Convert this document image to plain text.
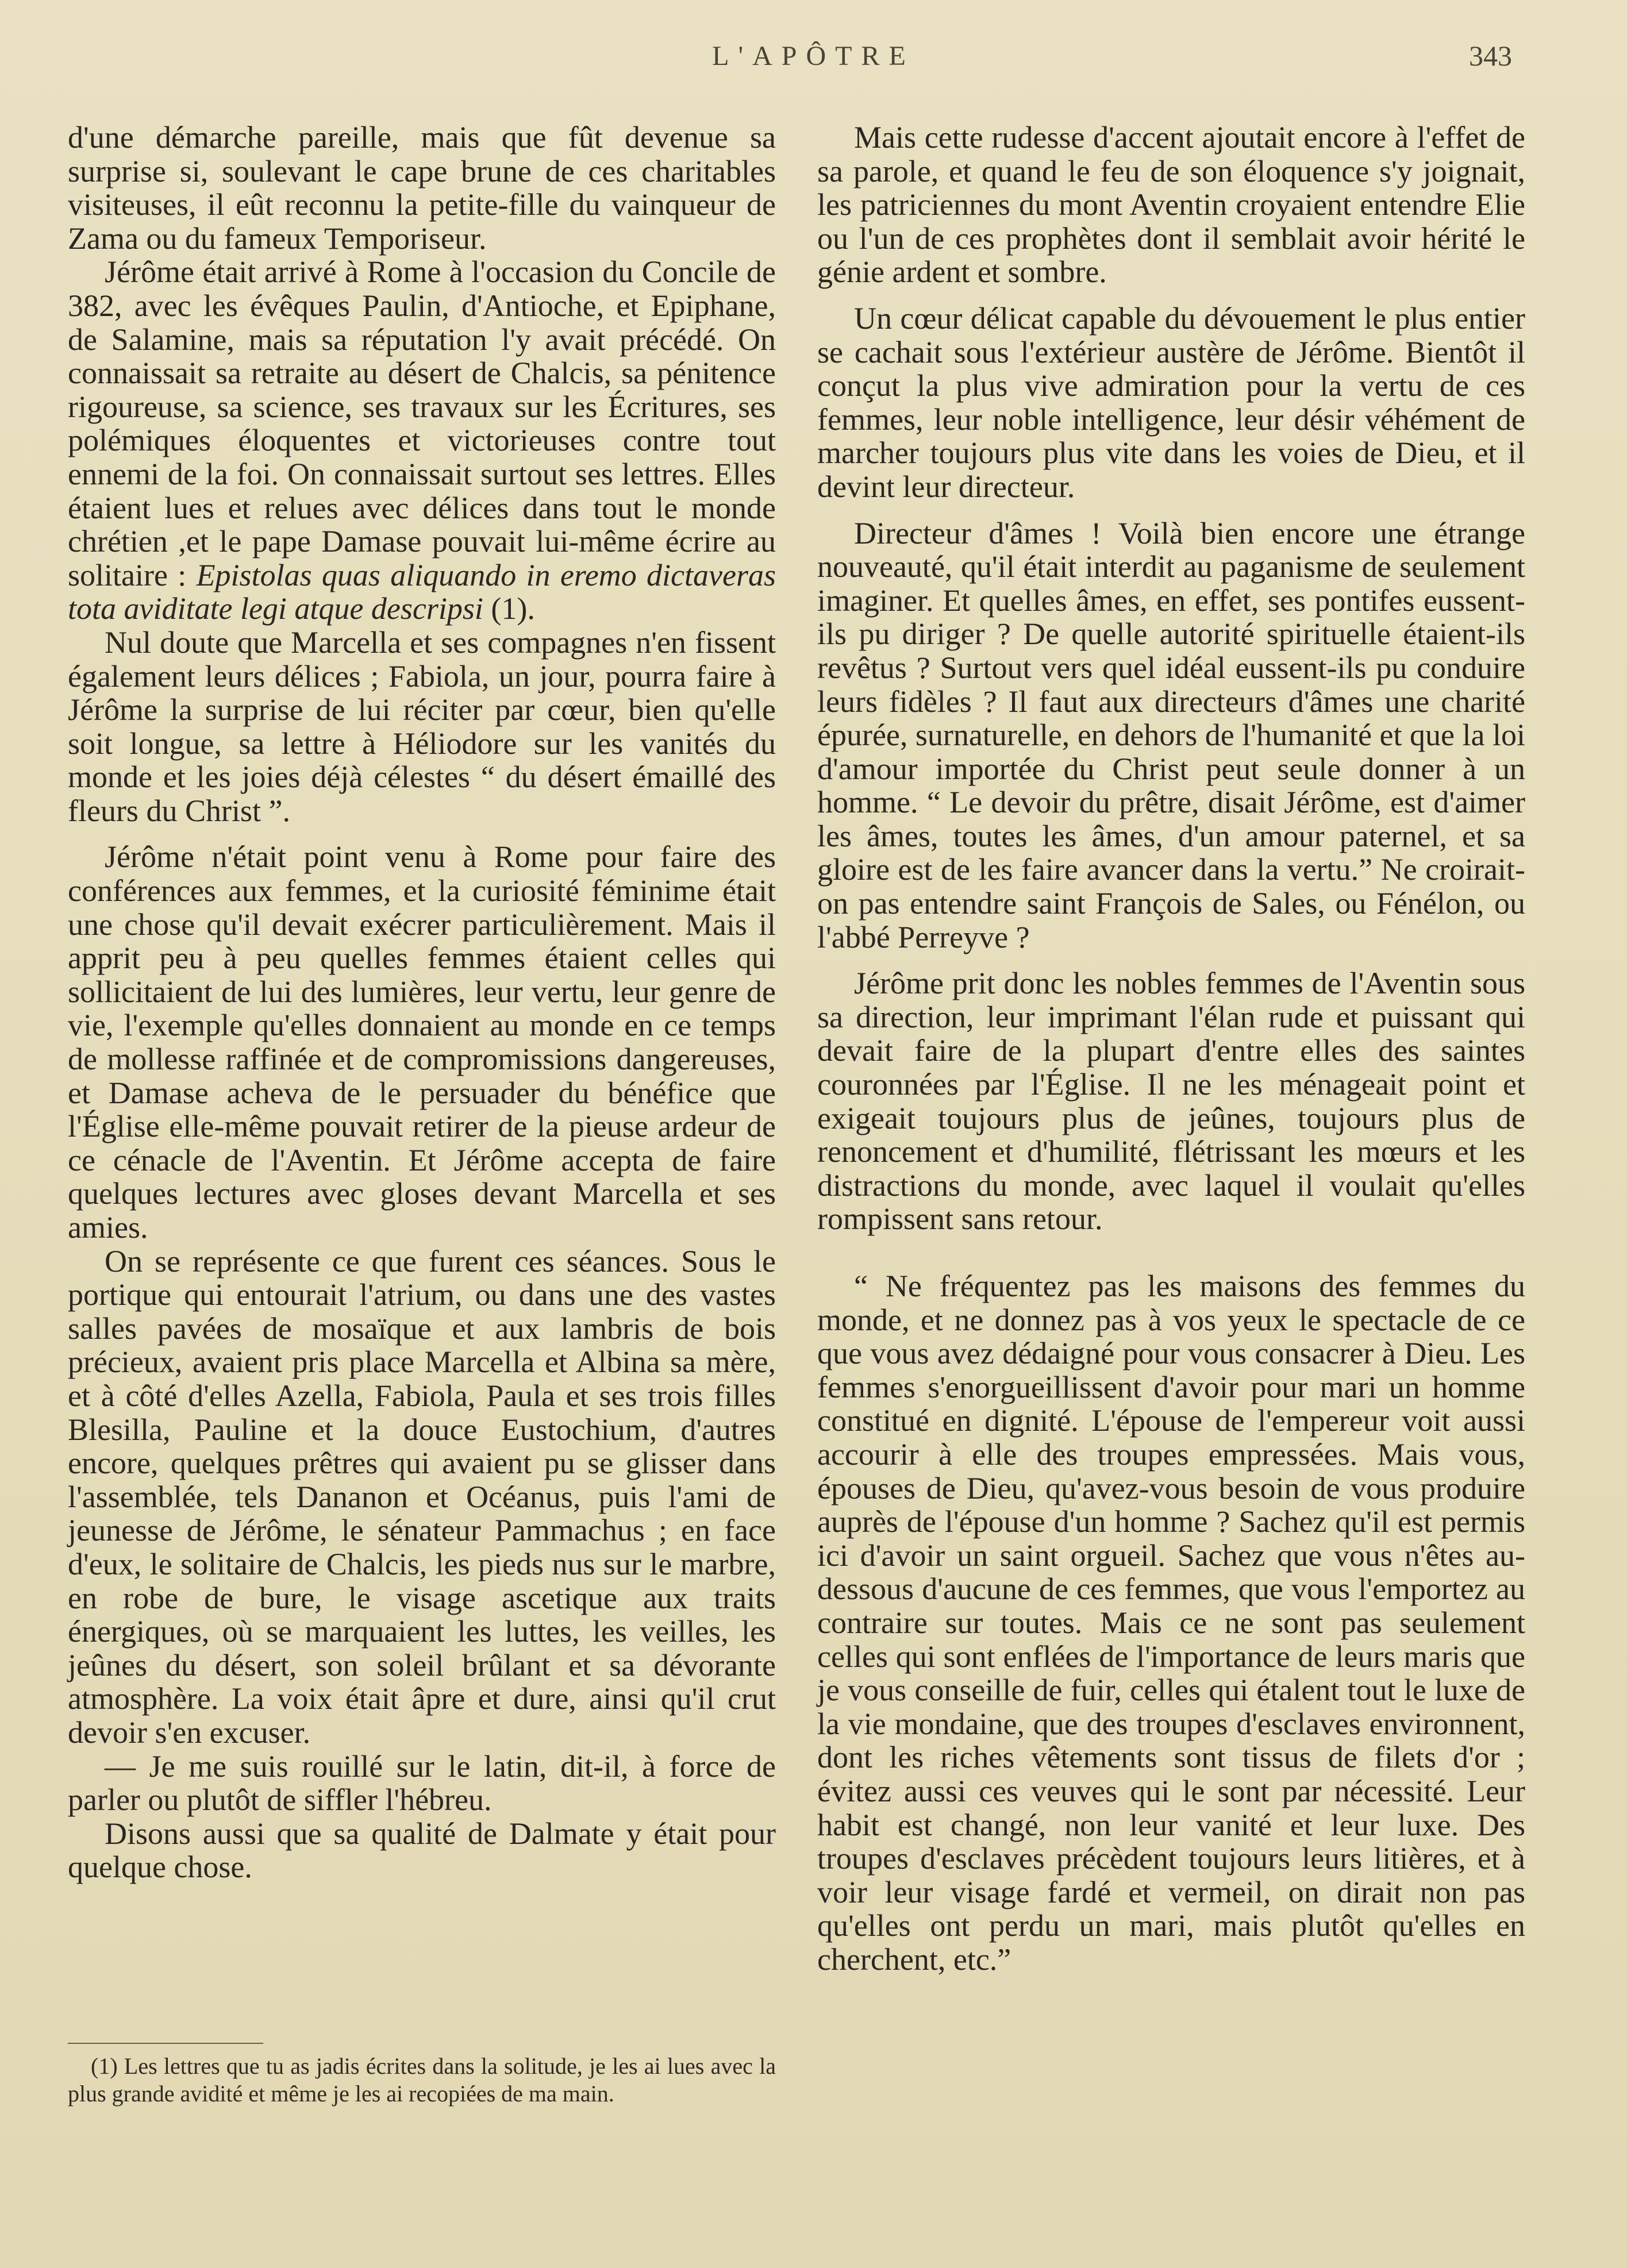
L'APÔTRE	343

d'une démarche pareille, mais que fût devenue sa surprise si, soulevant le cape brune de ces charitables visiteuses, il eût reconnu la petite-fille du vainqueur de Zama ou du fameux Temporiseur.

Jérôme était arrivé à Rome à l'occasion du Concile de 382, avec les évêques Paulin, d'Antioche, et Epiphane, de Salamine, mais sa réputation l'y avait précédé. On connaissait sa retraite au désert de Chalcis, sa pénitence rigoureuse, sa science, ses travaux sur les Écritures, ses polémiques éloquentes et victorieuses contre tout ennemi de la foi. On connaissait surtout ses lettres. Elles étaient lues et relues avec délices dans tout le monde chrétien ,et le pape Damase pouvait lui-même écrire au solitaire : Epistolas quas aliquando in eremo dictaveras tota aviditate legi atque descripsi (1).

Nul doute que Marcella et ses compagnes n'en fissent également leurs délices ; Fabiola, un jour, pourra faire à Jérôme la surprise de lui réciter par cœur, bien qu'elle soit longue, sa lettre à Héliodore sur les vanités du monde et les joies déjà célestes “ du désert émaillé des fleurs du Christ ”.

Jérôme n'était point venu à Rome pour faire des conférences aux femmes, et la curiosité féminime était une chose qu'il devait exécrer particulièrement. Mais il apprit peu à peu quelles femmes étaient celles qui sollicitaient de lui des lumières, leur vertu, leur genre de vie, l'exemple qu'elles donnaient au monde en ce temps de mollesse raffinée et de compromissions dangereuses, et Damase acheva de le persuader du bénéfice que l'Église elle-même pouvait retirer de la pieuse ardeur de ce cénacle de l'Aventin. Et Jérôme accepta de faire quelques lectures avec gloses devant Marcella et ses amies.

On se représente ce que furent ces séances. Sous le portique qui entourait l'atrium, ou dans une des vastes salles pavées de mosaïque et aux lambris de bois précieux, avaient pris place Marcella et Albina sa mère, et à côté d'elles Azella, Fabiola, Paula et ses trois filles Blesilla, Pauline et la douce Eustochium, d'autres encore, quelques prêtres qui avaient pu se glisser dans l'assemblée, tels Dananon et Océanus, puis l'ami de jeunesse de Jérôme, le sénateur Pammachus ; en face d'eux, le solitaire de Chalcis, les pieds nus sur le marbre, en robe de bure, le visage ascetique aux traits énergiques, où se marquaient les luttes, les veilles, les jeûnes du désert, son soleil brûlant et sa dévorante atmosphère. La voix était âpre et dure, ainsi qu'il crut devoir s'en excuser.

— Je me suis rouillé sur le latin, dit-il, à force de parler ou plutôt de siffler l'hébreu.

Disons aussi que sa qualité de Dalmate y était pour quelque chose.

(1) Les lettres que tu as jadis écrites dans la solitude, je les ai lues avec la plus grande avidité et même je les ai recopiées de ma main.

Mais cette rudesse d'accent ajoutait encore à l'effet de sa parole, et quand le feu de son éloquence s'y joignait, les patriciennes du mont Aventin croyaient entendre Elie ou l'un de ces prophètes dont il semblait avoir hérité le génie ardent et sombre.

Un cœur délicat capable du dévouement le plus entier se cachait sous l'extérieur austère de Jérôme. Bientôt il conçut la plus vive admiration pour la vertu de ces femmes, leur noble intelligence, leur désir véhément de marcher toujours plus vite dans les voies de Dieu, et il devint leur directeur.

Directeur d'âmes ! Voilà bien encore une étrange nouveauté, qu'il était interdit au paganisme de seulement imaginer. Et quelles âmes, en effet, ses pontifes eussent-ils pu diriger ? De quelle autorité spirituelle étaient-ils revêtus ? Surtout vers quel idéal eussent-ils pu conduire leurs fidèles ? Il faut aux directeurs d'âmes une charité épurée, surnaturelle, en dehors de l'humanité et que la loi d'amour importée du Christ peut seule donner à un homme. “ Le devoir du prêtre, disait Jérôme, est d'aimer les âmes, toutes les âmes, d'un amour paternel, et sa gloire est de les faire avancer dans la vertu.” Ne croirait-on pas entendre saint François de Sales, ou Fénélon, ou l'abbé Perreyve ?

Jérôme prit donc les nobles femmes de l'Aventin sous sa direction, leur imprimant l'élan rude et puissant qui devait faire de la plupart d'entre elles des saintes couronnées par l'Église. Il ne les ménageait point et exigeait toujours plus de jeûnes, toujours plus de renoncement et d'humilité, flétrissant les mœurs et les distractions du monde, avec laquel il voulait qu'elles rompissent sans retour.

“ Ne fréquentez pas les maisons des femmes du monde, et ne donnez pas à vos yeux le spectacle de ce que vous avez dédaigné pour vous consacrer à Dieu. Les femmes s'enorgueillissent d'avoir pour mari un homme constitué en dignité. L'épouse de l'empereur voit aussi accourir à elle des troupes empressées. Mais vous, épouses de Dieu, qu'avez-vous besoin de vous produire auprès de l'épouse d'un homme ? Sachez qu'il est permis ici d'avoir un saint orgueil. Sachez que vous n'êtes au-dessous d'aucune de ces femmes, que vous l'emportez au contraire sur toutes. Mais ce ne sont pas seulement celles qui sont enflées de l'importance de leurs maris que je vous conseille de fuir, celles qui étalent tout le luxe de la vie mondaine, que des troupes d'esclaves environnent, dont les riches vêtements sont tissus de filets d'or ; évitez aussi ces veuves qui le sont par nécessité. Leur habit est changé, non leur vanité et leur luxe. Des troupes d'esclaves précèdent toujours leurs litières, et à voir leur visage fardé et vermeil, on dirait non pas qu'elles ont perdu un mari, mais plutôt qu'elles en cherchent, etc.”
